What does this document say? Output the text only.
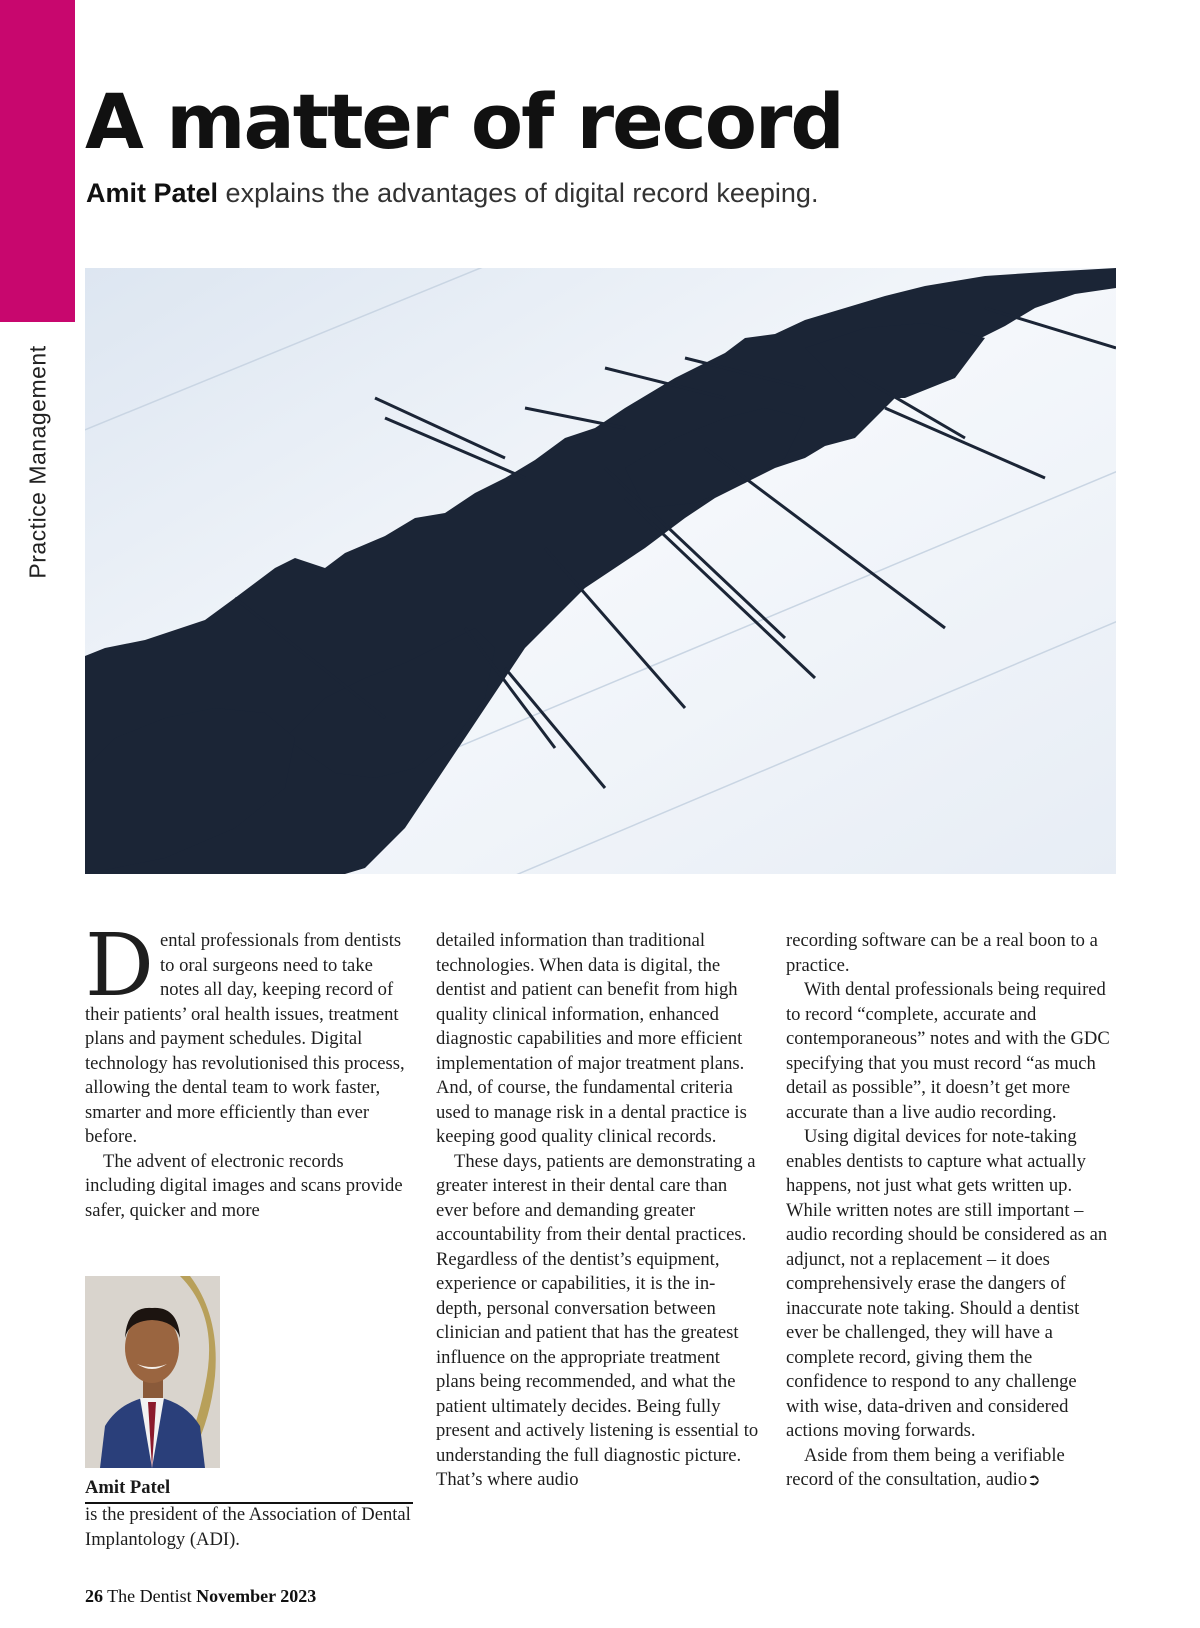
Practice Management
A matter of record
Amit Patel explains the advantages of digital record keeping.

Dental professionals from dentists to oral surgeons need to take notes all day, keeping record of their patients’ oral health issues, treatment plans and payment schedules. Digital technology has revolutionised this process, allowing the dental team to work faster, smarter and more efficiently than ever before.

The advent of electronic records including digital images and scans provide safer, quicker and more

detailed information than traditional technologies. When data is digital, the dentist and patient can benefit from high quality clinical information, enhanced diagnostic capabilities and more efficient implementation of major treatment plans. And, of course, the fundamental criteria used to manage risk in a dental practice is keeping good quality clinical records.

These days, patients are demonstrating a greater interest in their dental care than ever before and demanding greater accountability from their dental practices. Regardless of the dentist’s equipment, experience or capabilities, it is the in-depth, personal conversation between clinician and patient that has the greatest influence on the appropriate treatment plans being recommended, and what the patient ultimately decides. Being fully present and actively listening is essential to understanding the full diagnostic picture. That’s where audio

recording software can be a real boon to a practice.

With dental professionals being required to record “complete, accurate and contemporaneous” notes and with the GDC specifying that you must record “as much detail as possible”, it doesn’t get more accurate than a live audio recording.

Using digital devices for note-taking enables dentists to capture what actually happens, not just what gets written up. While written notes are still important – audio recording should be considered as an adjunct, not a replacement – it does comprehensively erase the dangers of inaccurate note taking. Should a dentist ever be challenged, they will have a complete record, giving them the confidence to respond to any challenge with wise, data-driven and considered actions moving forwards.

Aside from them being a verifiable record of the consultation, audio➲

Amit Patel
is the president of the Association of Dental Implantology (ADI).
26 The Dentist November 2023
